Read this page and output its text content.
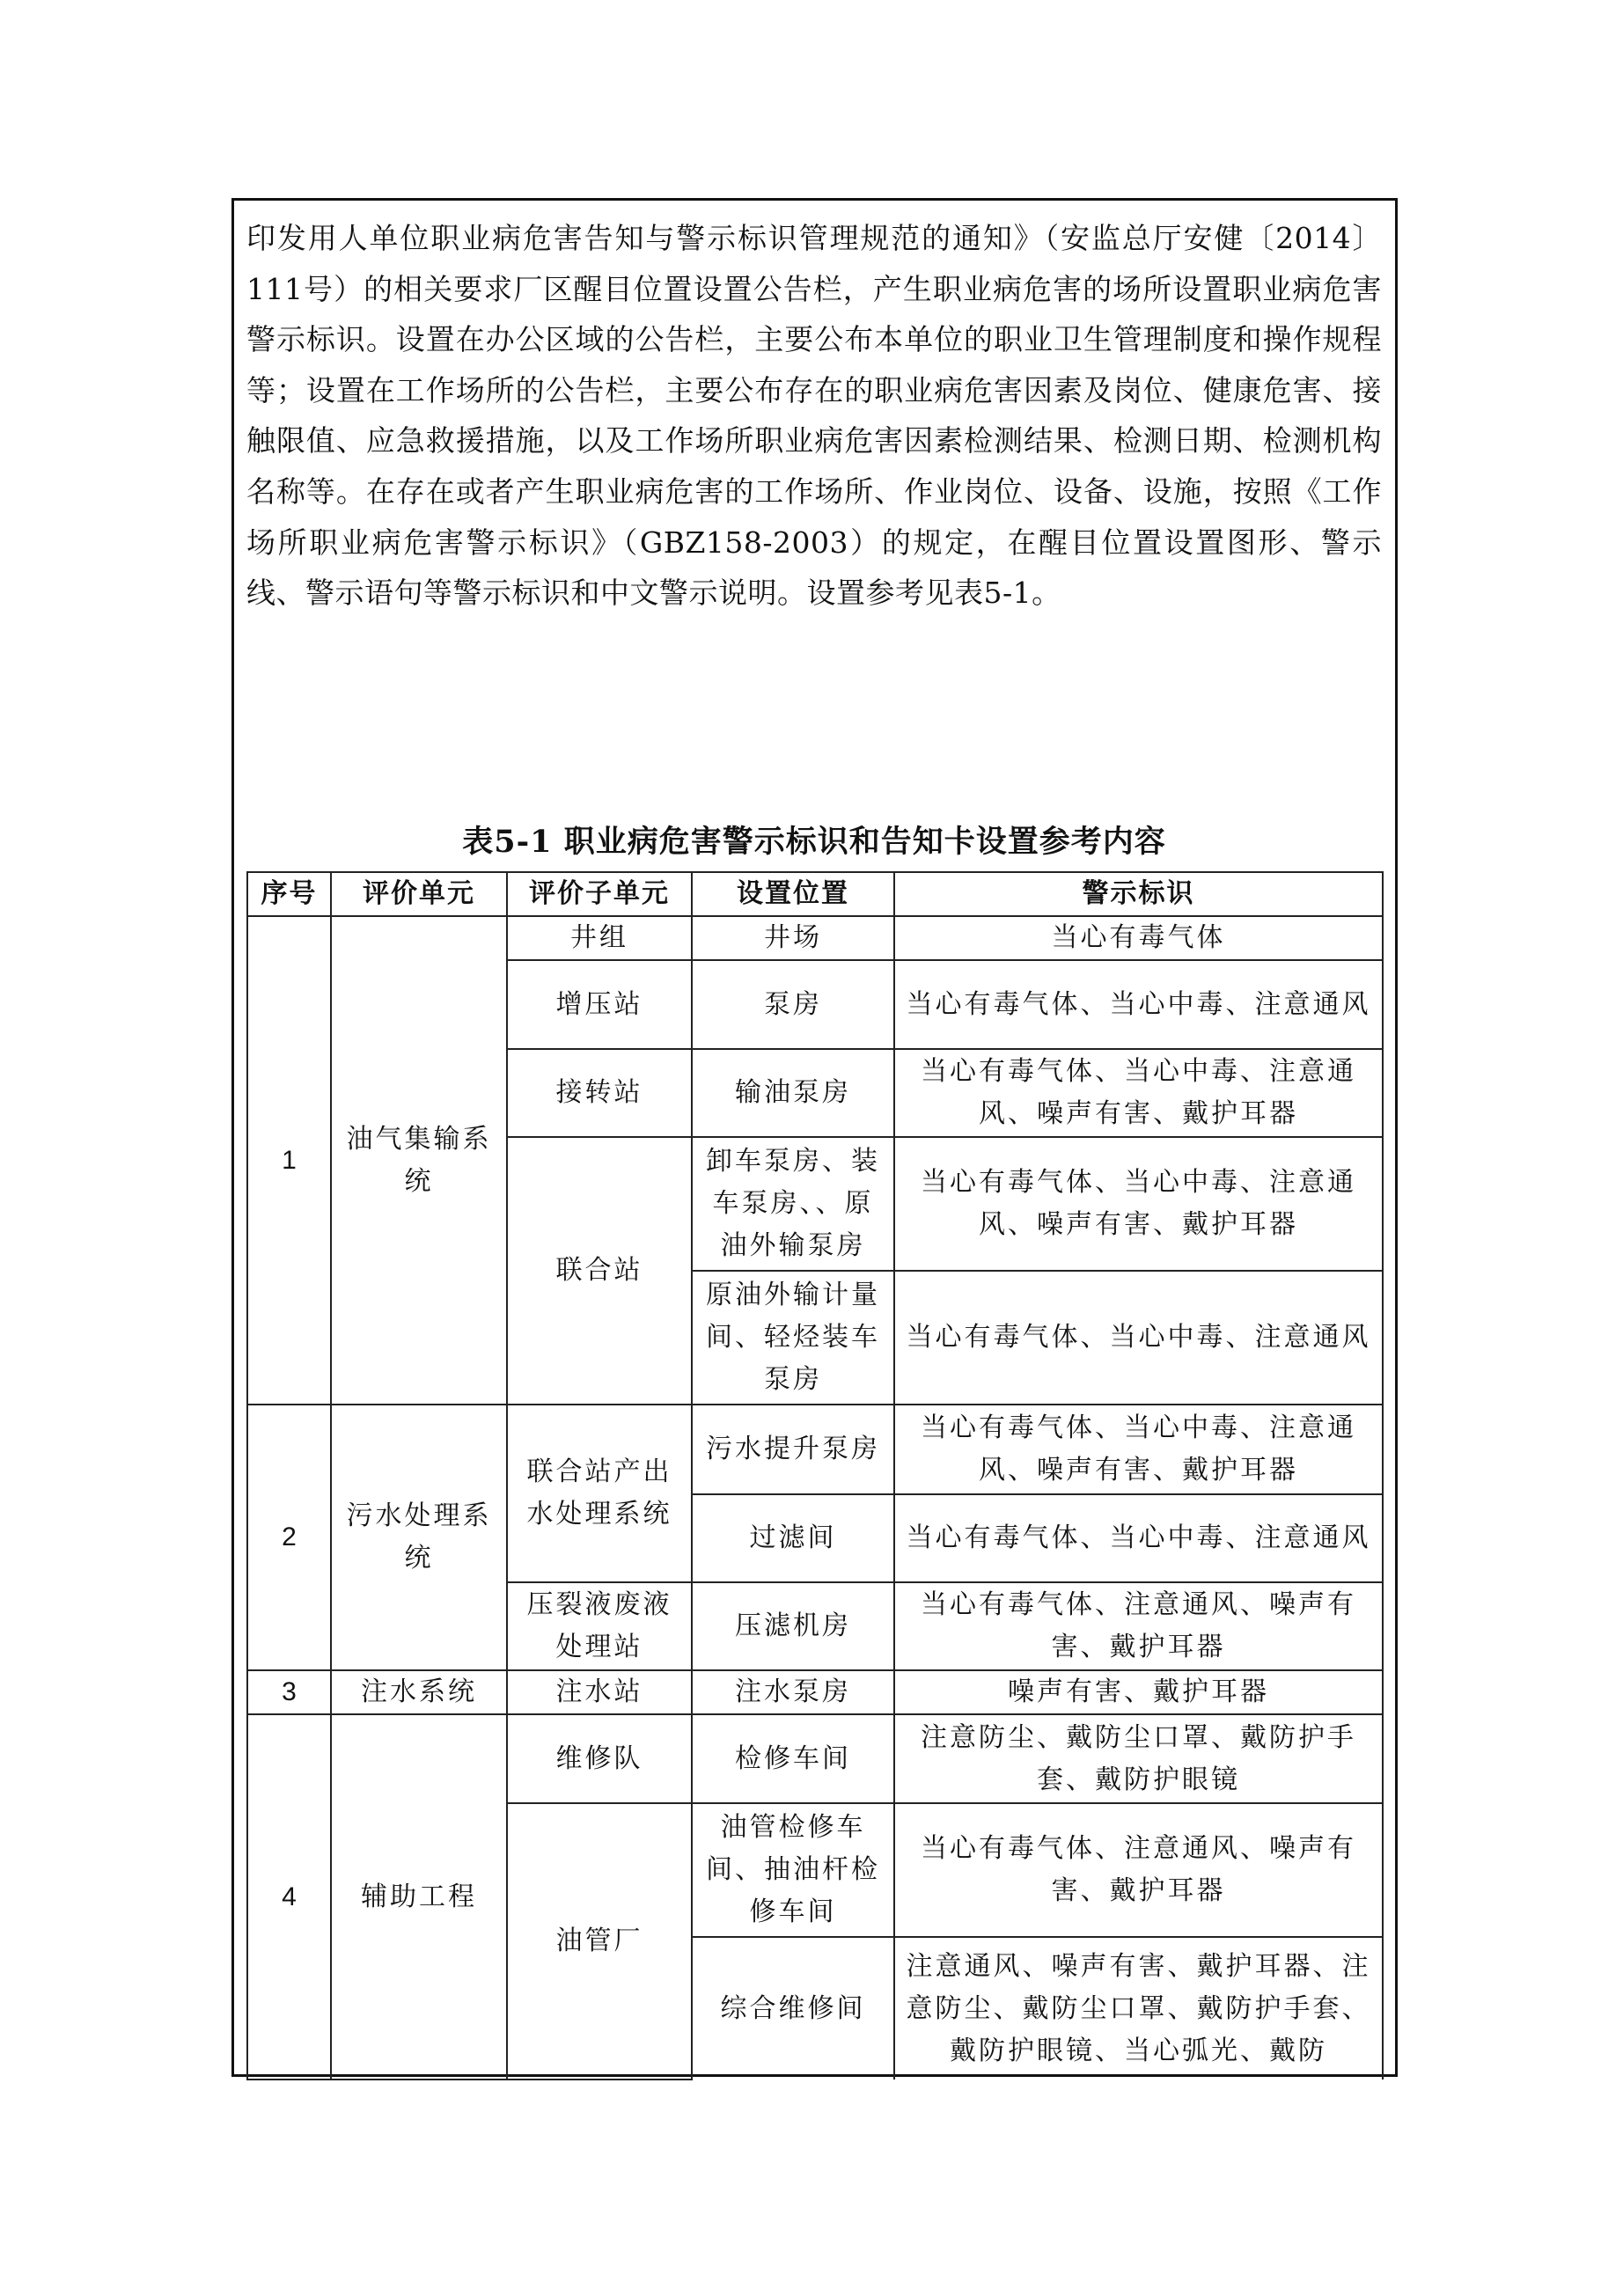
印发用人单位职业病危害告知与警示标识管理规范的通知》（安监总厅安健〔2014〕111号）的相关要求厂区醒目位置设置公告栏，产生职业病危害的场所设置职业病危害警示标识。设置在办公区域的公告栏，主要公布本单位的职业卫生管理制度和操作规程等；设置在工作场所的公告栏，主要公布存在的职业病危害因素及岗位、健康危害、接触限值、应急救援措施，以及工作场所职业病危害因素检测结果、检测日期、检测机构名称等。在存在或者产生职业病危害的工作场所、作业岗位、设备、设施，按照《工作场所职业病危害警示标识》（GBZ158-2003）的规定，在醒目位置设置图形、警示线、警示语句等警示标识和中文警示说明。设置参考见表5-1。

表5-1 职业病危害警示标识和告知卡设置参考内容
序号	评价单元	评价子单元	设置位置	警示标识
1	油气集输系统	井组	井场	当心有毒气体
		增压站	泵房	当心有毒气体、当心中毒、注意通风
		接转站	输油泵房	当心有毒气体、当心中毒、注意通风、噪声有害、戴护耳器
		联合站	卸车泵房、装车泵房、、原油外输泵房	当心有毒气体、当心中毒、注意通风、噪声有害、戴护耳器
			原油外输计量间、轻烃装车泵房	当心有毒气体、当心中毒、注意通风
2	污水处理系统	联合站产出水处理系统	污水提升泵房	当心有毒气体、当心中毒、注意通风、噪声有害、戴护耳器
			过滤间	当心有毒气体、当心中毒、注意通风
		压裂液废液处理站	压滤机房	当心有毒气体、注意通风、噪声有害、戴护耳器
3	注水系统	注水站	注水泵房	噪声有害、戴护耳器
4	辅助工程	维修队	检修车间	注意防尘、戴防尘口罩、戴防护手套、戴防护眼镜
		油管厂	油管检修车间、抽油杆检修车间	当心有毒气体、注意通风、噪声有害、戴护耳器
			综合维修间	注意通风、噪声有害、戴护耳器、注意防尘、戴防尘口罩、戴防护手套、戴防护眼镜、当心弧光、戴防
